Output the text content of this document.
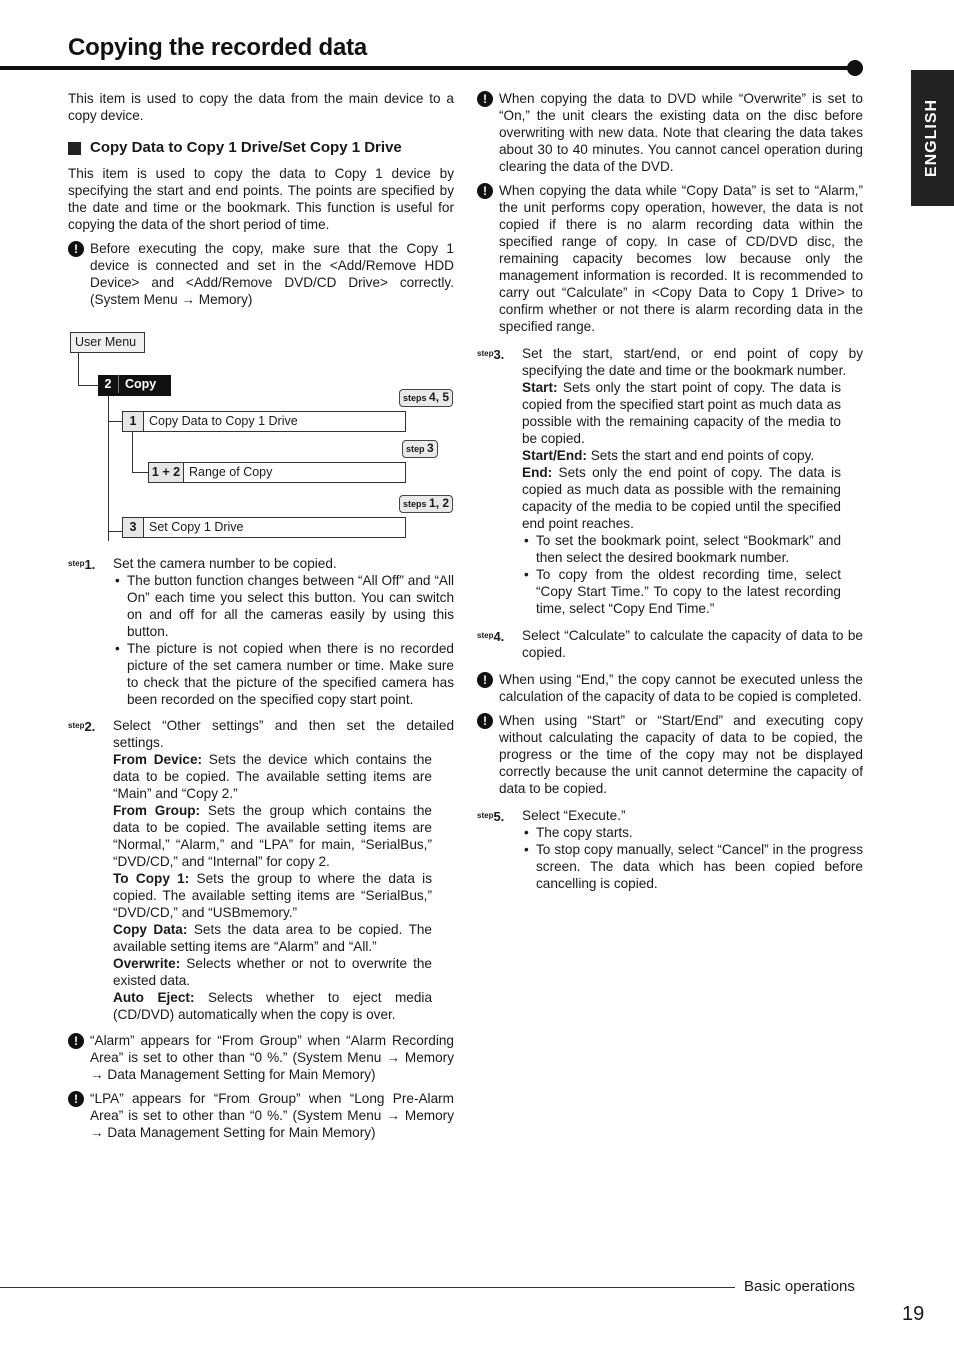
Copying the recorded data
ENGLISH

This item is used to copy the data from the main device to a copy device.

Copy Data to Copy 1 Drive/Set Copy 1 Drive

This item is used to copy the data to Copy 1 device by specifying the start and end points. The points are specified by the date and time or the bookmark. This function is useful for copying the data of the short period of time.

! Before executing the copy, make sure that the Copy 1 device is connected and set in the <Add/Remove HDD Device> and <Add/Remove DVD/CD Drive> correctly. (System Menu → Memory)
User Menu
2 Copy
1	Copy Data to Copy 1 Drive
1 + 2 Range of Copy
3	Set Copy 1 Drive
steps 4, 5
step 3
steps 1, 2
$^{step}$1.	Set the camera number to be copied.

• The button function changes between “All Off” and “All On” each time you select this button. You can switch on and off for all the cameras easily by using this button.
• The picture is not copied when there is no recorded picture of the set camera number or time. Make sure to check that the picture of the specified camera has been recorded on the specified copy start point.
$^{step}$2.	Select “Other settings” and then set the detailed settings.

From Device: Sets the device which contains the data to be copied. The available setting items are “Main” and “Copy 2.”

From Group: Sets the group which contains the data to be copied. The available setting items are “Normal,” “Alarm,” and “LPA” for main, “SerialBus,” “DVD/CD,” and “Internal” for copy 2.

To Copy 1: Sets the group to where the data is copied. The available setting items are “SerialBus,” “DVD/CD,” and “USBmemory.”

Copy Data: Sets the data area to be copied. The available setting items are “Alarm” and “All.”

Overwrite: Selects whether or not to overwrite the existed data.

Auto Eject: Selects whether to eject media (CD/DVD) automatically when the copy is over.

! “Alarm” appears for “From Group” when “Alarm Recording Area” is set to other than “0 %.” (System Menu → Memory → Data Management Setting for Main Memory)
! “LPA” appears for “From Group” when “Long Pre-Alarm Area” is set to other than “0 %.” (System Menu → Memory → Data Management Setting for Main Memory)
! When copying the data to DVD while “Overwrite” is set to “On,” the unit clears the existing data on the disc before overwriting with new data. Note that clearing the data takes about 30 to 40 minutes. You cannot cancel operation during clearing the data of the DVD.
! When copying the data while “Copy Data” is set to “Alarm,” the unit performs copy operation, however, the data is not copied if there is no alarm recording data within the specified range of copy. In case of CD/DVD disc, the remaining capacity becomes low because only the management information is recorded. It is recommended to carry out “Calculate” in <Copy Data to Copy 1 Drive> to confirm whether or not there is alarm recording data in the specified range.
$^{step}$3.	Set the start, start/end, or end point of copy by specifying the date and time or the bookmark number.

Start: Sets only the start point of copy. The data is copied from the specified start point as much data as possible with the remaining capacity of the media to be copied.

Start/End: Sets the start and end points of copy.

End: Sets only the end point of copy. The data is copied as much data as possible with the remaining capacity of the media to be copied until the specified end point reaches.

• To set the bookmark point, select “Bookmark” and then select the desired bookmark number.
• To copy from the oldest recording time, select “Copy Start Time.” To copy to the latest recording time, select “Copy End Time.”
$^{step}$4.	Select “Calculate” to calculate the capacity of data to be copied.

! When using “End,” the copy cannot be executed unless the calculation of the capacity of data to be copied is completed.
! When using “Start” or “Start/End” and executing copy without calculating the capacity of data to be copied, the progress or the time of the copy may not be displayed correctly because the unit cannot determine the capacity of data to be copied.
$^{step}$5.	Select “Execute.”

• The copy starts.
• To stop copy manually, select “Cancel” in the progress screen. The data which has been copied before cancelling is copied.
Basic operations
19
